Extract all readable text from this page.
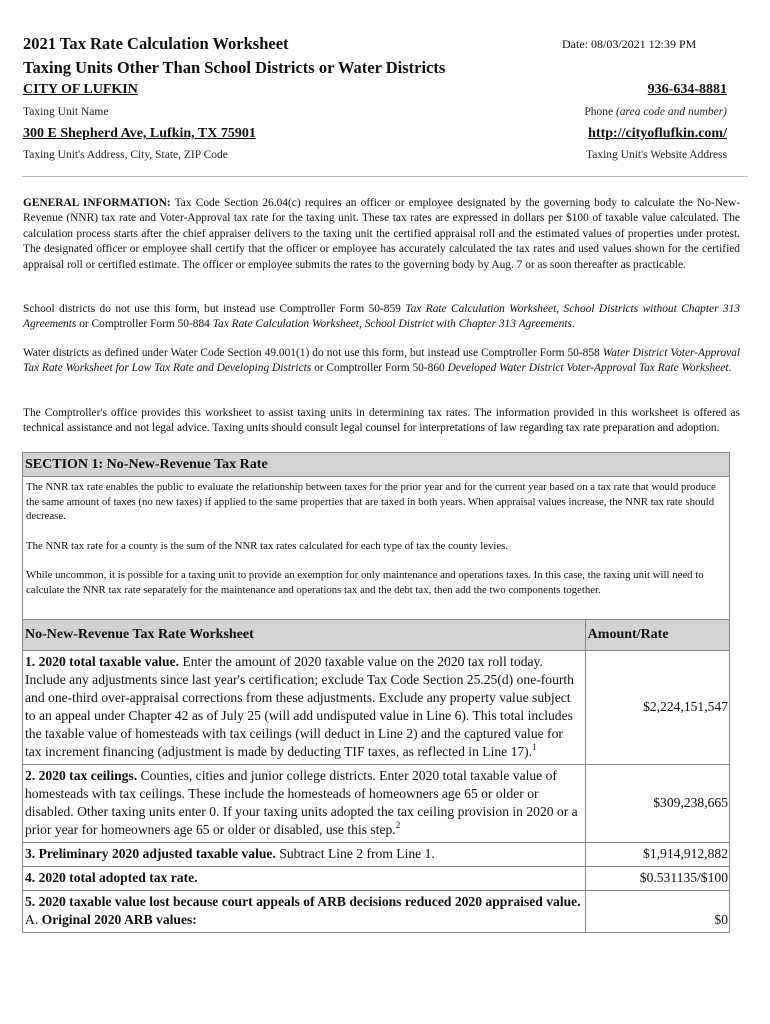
2021 Tax Rate Calculation Worksheet
Taxing Units Other Than School Districts or Water Districts
Date: 08/03/2021 12:39 PM
CITY OF LUFKIN	936-634-8881
Taxing Unit Name	Phone (area code and number)
300 E Shepherd Ave, Lufkin, TX 75901	http://cityoflufkin.com/
Taxing Unit's Address, City, State, ZIP Code	Taxing Unit's Website Address
GENERAL INFORMATION: Tax Code Section 26.04(c) requires an officer or employee designated by the governing body to calculate the No-New-Revenue (NNR) tax rate and Voter-Approval tax rate for the taxing unit. These tax rates are expressed in dollars per $100 of taxable value calculated. The calculation process starts after the chief appraiser delivers to the taxing unit the certified appraisal roll and the estimated values of properties under protest. The designated officer or employee shall certify that the officer or employee has accurately calculated the tax rates and used values shown for the certified appraisal roll or certified estimate. The officer or employee submits the rates to the governing body by Aug. 7 or as soon thereafter as practicable.
School districts do not use this form, but instead use Comptroller Form 50-859 Tax Rate Calculation Worksheet, School Districts without Chapter 313 Agreements or Comptroller Form 50-884 Tax Rate Calculation Worksheet, School District with Chapter 313 Agreements.
Water districts as defined under Water Code Section 49.001(1) do not use this form, but instead use Comptroller Form 50-858 Water District Voter-Approval Tax Rate Worksheet for Low Tax Rate and Developing Districts or Comptroller Form 50-860 Developed Water District Voter-Approval Tax Rate Worksheet.
The Comptroller's office provides this worksheet to assist taxing units in determining tax rates. The information provided in this worksheet is offered as technical assistance and not legal advice. Taxing units should consult legal counsel for interpretations of law regarding tax rate preparation and adoption.
SECTION 1: No-New-Revenue Tax Rate

The NNR tax rate enables the public to evaluate the relationship between taxes for the prior year and for the current year based on a tax rate that would produce the same amount of taxes (no new taxes) if applied to the same properties that are taxed in both years. When appraisal values increase, the NNR tax rate should decrease.

The NNR tax rate for a county is the sum of the NNR tax rates calculated for each type of tax the county levies.

While uncommon, it is possible for a taxing unit to provide an exemption for only maintenance and operations taxes. In this case, the taxing unit will need to calculate the NNR tax rate separately for the maintenance and operations tax and the debt tax, then add the two components together.

No-New-Revenue Tax Rate Worksheet	Amount/Rate
1. 2020 total taxable value. Enter the amount of 2020 taxable value on the 2020 tax roll today. Include any adjustments since last year's certification; exclude Tax Code Section 25.25(d) one-fourth and one-third over-appraisal corrections from these adjustments. Exclude any property value subject to an appeal under Chapter 42 as of July 25 (will add undisputed value in Line 6). This total includes the taxable value of homesteads with tax ceilings (will deduct in Line 2) and the captured value for tax increment financing (adjustment is made by deducting TIF taxes, as reflected in Line 17).$^1$	$2,224,151,547
2. 2020 tax ceilings. Counties, cities and junior college districts. Enter 2020 total taxable value of homesteads with tax ceilings. These include the homesteads of homeowners age 65 or older or disabled. Other taxing units enter 0. If your taxing units adopted the tax ceiling provision in 2020 or a prior year for homeowners age 65 or older or disabled, use this step.$^2$	$309,238,665
3. Preliminary 2020 adjusted taxable value. Subtract Line 2 from Line 1.	$1,914,912,882
4. 2020 total adopted tax rate.	$0.531135/$100
5. 2020 taxable value lost because court appeals of ARB decisions reduced 2020 appraised value.
A. Original 2020 ARB values:	$0
